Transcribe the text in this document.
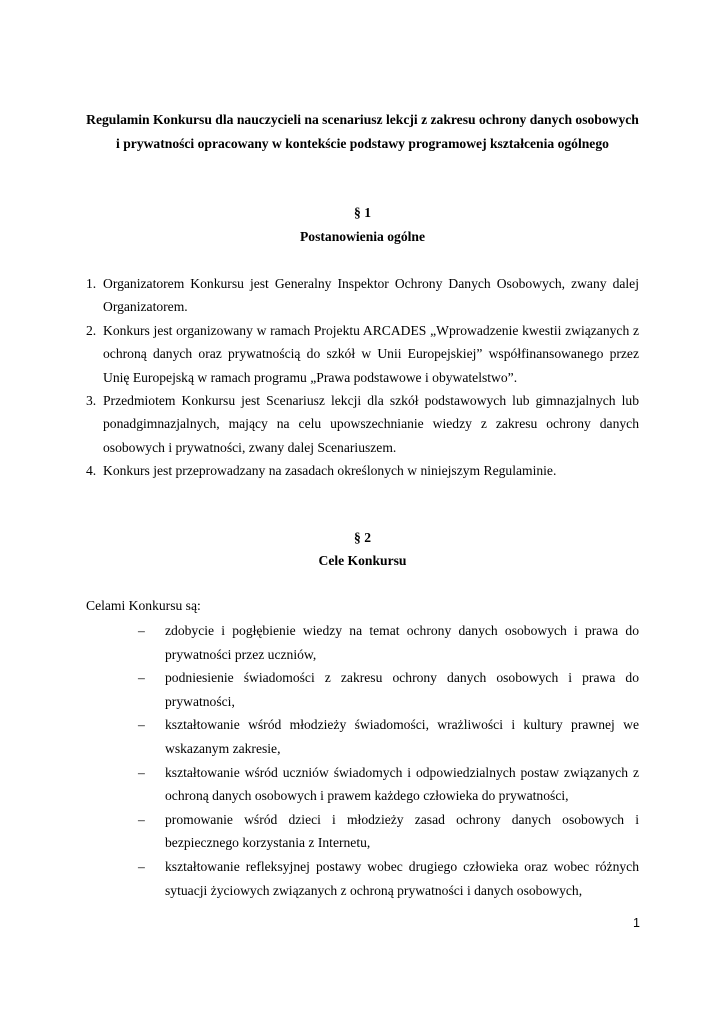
Regulamin Konkursu dla nauczycieli na scenariusz lekcji z zakresu ochrony danych osobowych i prywatności opracowany w kontekście podstawy programowej kształcenia ogólnego
§ 1
Postanowienia ogólne
1. Organizatorem Konkursu jest Generalny Inspektor Ochrony Danych Osobowych, zwany dalej Organizatorem.
2. Konkurs jest organizowany w ramach Projektu ARCADES „Wprowadzenie kwestii związanych z ochroną danych oraz prywatnością do szkół w Unii Europejskiej” współfinansowanego przez Unię Europejską w ramach programu „Prawa podstawowe i obywatelstwo”.
3. Przedmiotem Konkursu jest Scenariusz lekcji dla szkół podstawowych lub gimnazjalnych lub ponadgimnazjalnych, mający na celu upowszechnianie wiedzy z zakresu ochrony danych osobowych i prywatności, zwany dalej Scenariuszem.
4. Konkurs jest przeprowadzany na zasadach określonych w niniejszym Regulaminie.
§ 2
Cele Konkursu
Celami Konkursu są:
– zdobycie i pogłębienie wiedzy na temat ochrony danych osobowych i prawa do prywatności przez uczniów,
– podniesienie świadomości z zakresu ochrony danych osobowych i prawa do prywatności,
– kształtowanie wśród młodzieży świadomości, wrażliwości i kultury prawnej we wskazanym zakresie,
– kształtowanie wśród uczniów świadomych i odpowiedzialnych postaw związanych z ochroną danych osobowych i prawem każdego człowieka do prywatności,
– promowanie wśród dzieci i młodzieży zasad ochrony danych osobowych i bezpiecznego korzystania z Internetu,
– kształtowanie refleksyjnej postawy wobec drugiego człowieka oraz wobec różnych sytuacji życiowych związanych z ochroną prywatności i danych osobowych,
1
